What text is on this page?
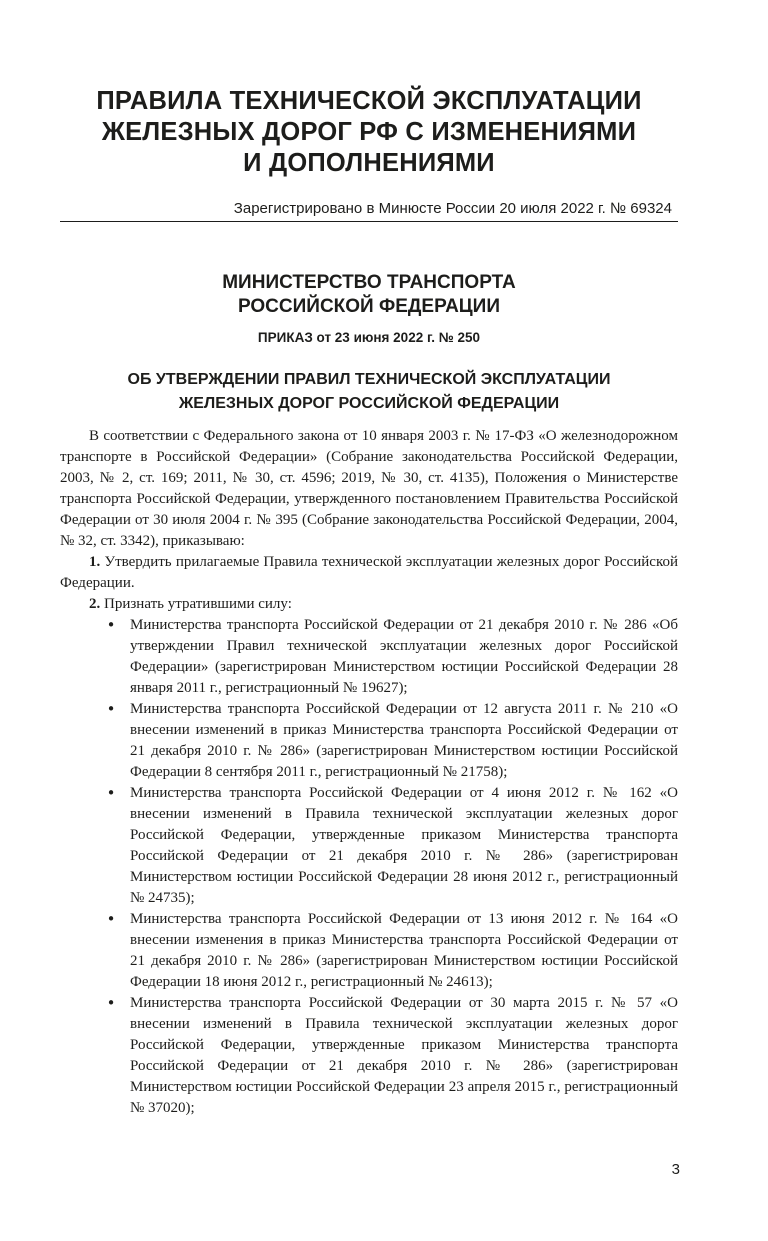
ПРАВИЛА ТЕХНИЧЕСКОЙ ЭКСПЛУАТАЦИИ
ЖЕЛЕЗНЫХ ДОРОГ РФ С ИЗМЕНЕНИЯМИ
И ДОПОЛНЕНИЯМИ

Зарегистрировано в Минюсте России 20 июля 2022 г. № 69324

МИНИСТЕРСТВО ТРАНСПОРТА
РОССИЙСКОЙ ФЕДЕРАЦИИ

ПРИКАЗ от 23 июня 2022 г. № 250

ОБ УТВЕРЖДЕНИИ ПРАВИЛ ТЕХНИЧЕСКОЙ ЭКСПЛУАТАЦИИ
ЖЕЛЕЗНЫХ ДОРОГ РОССИЙСКОЙ ФЕДЕРАЦИИ

В соответствии с Федерального закона от 10 января 2003 г. № 17-ФЗ «О железнодорожном транспорте в Российской Федерации» (Собрание законодательства Российской Федерации, 2003, № 2, ст. 169; 2011, № 30, ст. 4596; 2019, № 30, ст. 4135), Положения о Министерстве транспорта Российской Федерации, утвержденного постановлением Правительства Российской Федерации от 30 июля 2004 г. № 395 (Собрание законодательства Российской Федерации, 2004, № 32, ст. 3342), приказываю:

1. Утвердить прилагаемые Правила технической эксплуатации железных дорог Российской Федерации.

2. Признать утратившими силу:

• Министерства транспорта Российской Федерации от 21 декабря 2010 г. № 286 «Об утверждении Правил технической эксплуатации железных дорог Российской Федерации» (зарегистрирован Министерством юстиции Российской Федерации 28 января 2011 г., регистрационный № 19627);
• Министерства транспорта Российской Федерации от 12 августа 2011 г. № 210 «О внесении изменений в приказ Министерства транспорта Российской Федерации от 21 декабря 2010 г. № 286» (зарегистрирован Министерством юстиции Российской Федерации 8 сентября 2011 г., регистрационный № 21758);
• Министерства транспорта Российской Федерации от 4 июня 2012 г. № 162 «О внесении изменений в Правила технической эксплуатации железных дорог Российской Федерации, утвержденные приказом Министерства транспорта Российской Федерации от 21 декабря 2010 г. № 286» (зарегистрирован Министерством юстиции Российской Федерации 28 июня 2012 г., регистрационный № 24735);
• Министерства транспорта Российской Федерации от 13 июня 2012 г. № 164 «О внесении изменения в приказ Министерства транспорта Российской Федерации от 21 декабря 2010 г. № 286» (зарегистрирован Министерством юстиции Российской Федерации 18 июня 2012 г., регистрационный № 24613);
• Министерства транспорта Российской Федерации от 30 марта 2015 г. № 57 «О внесении изменений в Правила технической эксплуатации железных дорог Российской Федерации, утвержденные приказом Министерства транспорта Российской Федерации от 21 декабря 2010 г. № 286» (зарегистрирован Министерством юстиции Российской Федерации 23 апреля 2015 г., регистрационный № 37020);

3
